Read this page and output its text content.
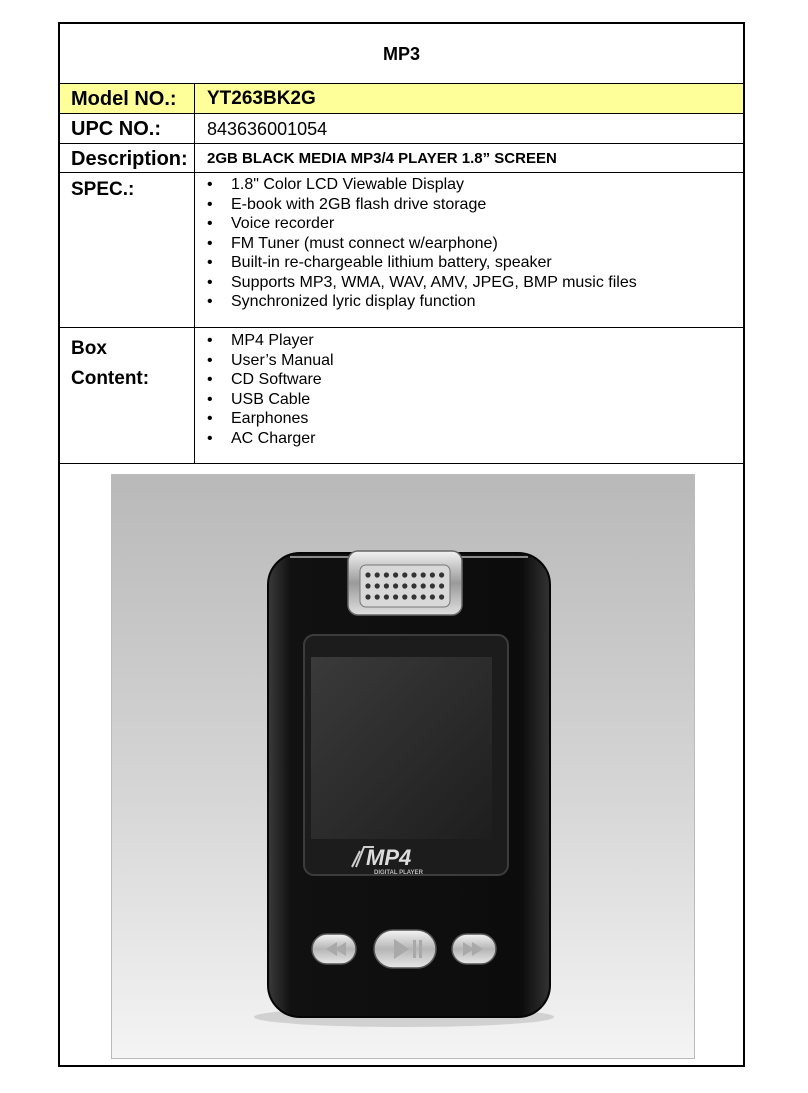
MP3
Model NO.:	YT263BK2G
UPC NO.:	843636001054
Description:	2GB BLACK MEDIA MP3/4 PLAYER 1.8” SCREEN
SPEC.:
•	1.8" Color LCD Viewable Display
• E-book with 2GB flash drive storage
• Voice recorder
• FM Tuner (must connect w/earphone)
• Built-in re-chargeable lithium battery, speaker
• Supports MP3, WMA, WAV, AMV, JPEG, BMP music files
• Synchronized lyric display function
Box
Content:
• MP4 Player
• User’s Manual
• CD Software
• USB Cable
• Earphones
• AC Charger
MP4
DIGITAL PLAYER
